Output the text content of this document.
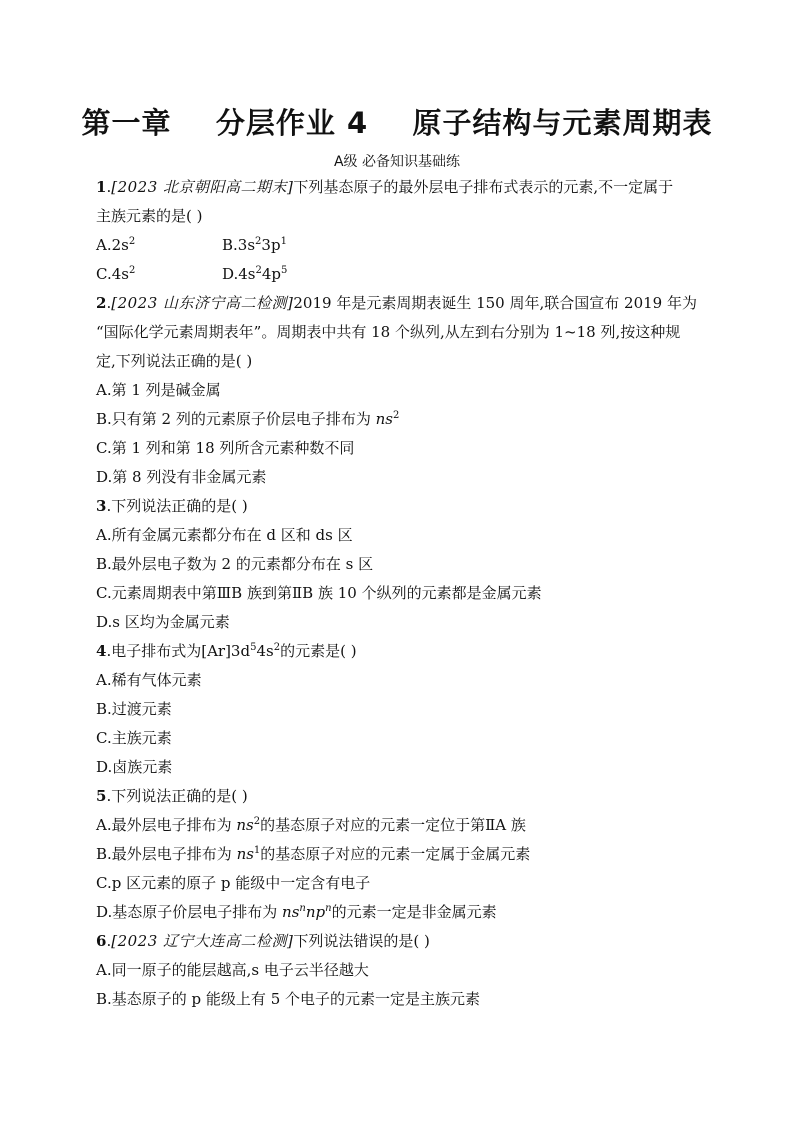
第一章    分层作业 4    原子结构与元素周期表
A级 必备知识基础练
1.[2023 北京朝阳高二期末]下列基态原子的最外层电子排布式表示的元素,不一定属于
主族元素的是( )
$A.2s^2$	$B.3s^23p^1$
$C.4s^2$	$D.4s^24p^5$
2.[2023 山东济宁高二检测]2019 年是元素周期表诞生 150 周年,联合国宣布 2019 年为
“国际化学元素周期表年”。周期表中共有 18 个纵列,从左到右分别为 1~18 列,按这种规
定,下列说法正确的是( )
A.第 1 列是碱金属
B.只有第 2 列的元素原子价层电子排布为 $ns^2$
C.第 1 列和第 18 列所含元素种数不同
D.第 8 列没有非金属元素
3.下列说法正确的是( )
A.所有金属元素都分布在 d 区和 ds 区
B.最外层电子数为 2 的元素都分布在 s 区
C.元素周期表中第ⅢB 族到第ⅡB 族 10 个纵列的元素都是金属元素
D.s 区均为金属元素
4.电子排布式为$[Ar]3d^54s^2$的元素是( )
A.稀有气体元素
B.过渡元素
C.主族元素
D.卤族元素
5.下列说法正确的是( )
A.最外层电子排布为 $ns^2$的基态原子对应的元素一定位于第ⅡA 族
B.最外层电子排布为 $ns^1$的基态原子对应的元素一定属于金属元素
C.p 区元素的原子 p 能级中一定含有电子
D.基态原子价层电子排布为 $ns^nnp^n$的元素一定是非金属元素
6.[2023 辽宁大连高二检测]下列说法错误的是( )
A.同一原子的能层越高,s 电子云半径越大
B.基态原子的 p 能级上有 5 个电子的元素一定是主族元素
